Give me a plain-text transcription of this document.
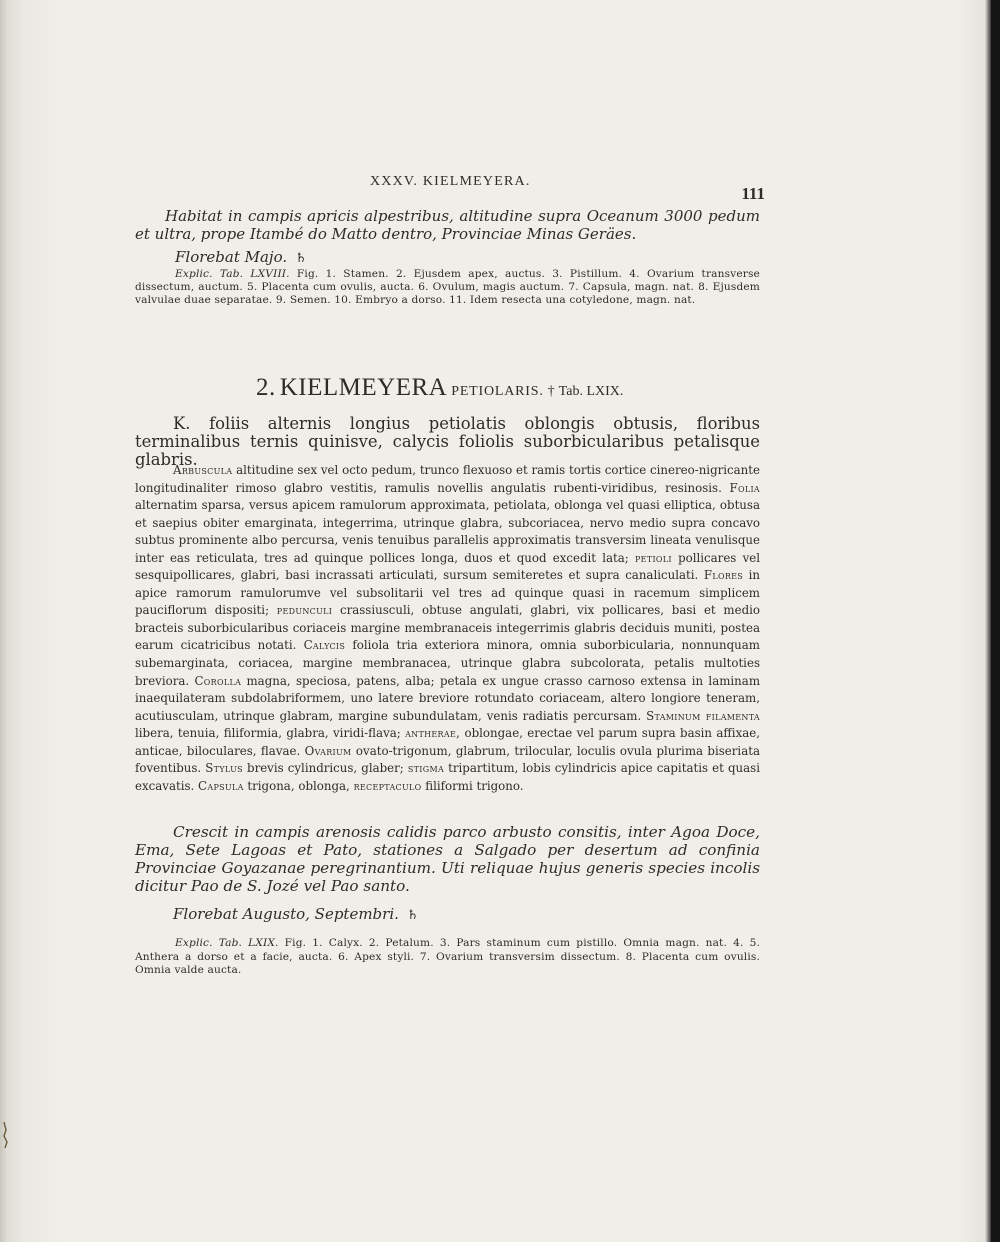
XXXV. KIELMEYERA.
111
Habitat in campis apricis alpestribus, altitudine supra Oceanum 3000 pedum et ultra, prope Itambé do Matto dentro, Provinciae Minas Geräes.
Florebat Majo. ♄
Explic. Tab. LXVIII. Fig. 1. Stamen. 2. Ejusdem apex, auctus. 3. Pistillum. 4. Ovarium transverse dissectum, auctum. 5. Placenta cum ovulis, aucta. 6. Ovulum, magis auctum. 7. Capsula, magn. nat. 8. Ejusdem valvulae duae separatae. 9. Semen. 10. Embryo a dorso. 11. Idem resecta una cotyledone, magn. nat.
2. KIELMEYERA PETIOLARIS. † Tab. LXIX.
K. foliis alternis longius petiolatis oblongis obtusis, floribus terminalibus ternis quinisve, calycis foliolis suborbicularibus petalisque glabris.
Arbuscula altitudine sex vel octo pedum, trunco flexuoso et ramis tortis cortice cinereo-nigricante longitudinaliter rimoso glabro vestitis, ramulis novellis angulatis rubenti-viridibus, resinosis. Folia alternatim sparsa, versus apicem ramulorum approximata, petiolata, oblonga vel quasi elliptica, obtusa et saepius obiter emarginata, integerrima, utrinque glabra, subcoriacea, nervo medio supra concavo subtus prominente albo percursa, venis tenuibus parallelis approximatis transversim lineata venulisque inter eas reticulata, tres ad quinque pollices longa, duos et quod excedit lata; petioli pollicares vel sesquipollicares, glabri, basi incrassati articulati, sursum semiteretes et supra canaliculati. Flores in apice ramorum ramulorumve vel subsolitarii vel tres ad quinque quasi in racemum simplicem pauciflorum dispositi; pedunculi crassiusculi, obtuse angulati, glabri, vix pollicares, basi et medio bracteis suborbicularibus coriaceis margine membranaceis integerrimis glabris deciduis muniti, postea earum cicatricibus notati. Calycis foliola tria exteriora minora, omnia suborbicularia, nonnunquam subemarginata, coriacea, margine membranacea, utrinque glabra subcolorata, petalis multoties breviora. Corolla magna, speciosa, patens, alba; petala ex ungue crasso carnoso extensa in laminam inaequilateram subdolabriformem, uno latere breviore rotundato coriaceam, altero longiore teneram, acutiusculam, utrinque glabram, margine subundulatam, venis radiatis percursam. Staminum filamenta libera, tenuia, filiformia, glabra, viridi-flava; antherae, oblongae, erectae vel parum supra basin affixae, anticae, biloculares, flavae. Ovarium ovato-trigonum, glabrum, trilocular, loculis ovula plurima biseriata foventibus. Stylus brevis cylindricus, glaber; stigma tripartitum, lobis cylindricis apice capitatis et quasi excavatis. Capsula trigona, oblonga, receptaculo filiformi trigono.
Crescit in campis arenosis calidis parco arbusto consitis, inter Agoa Doce, Ema, Sete Lagoas et Pato, stationes a Salgado per desertum ad confinia Provinciae Goyazanae peregrinantium. Uti reliquae hujus generis species incolis dicitur Pao de S. Jozé vel Pao santo.
Florebat Augusto, Septembri. ♄
Explic. Tab. LXIX. Fig. 1. Calyx. 2. Petalum. 3. Pars staminum cum pistillo. Omnia magn. nat. 4. 5. Anthera a dorso et a facie, aucta. 6. Apex styli. 7. Ovarium transversim dissectum. 8. Placenta cum ovulis. Omnia valde aucta.
